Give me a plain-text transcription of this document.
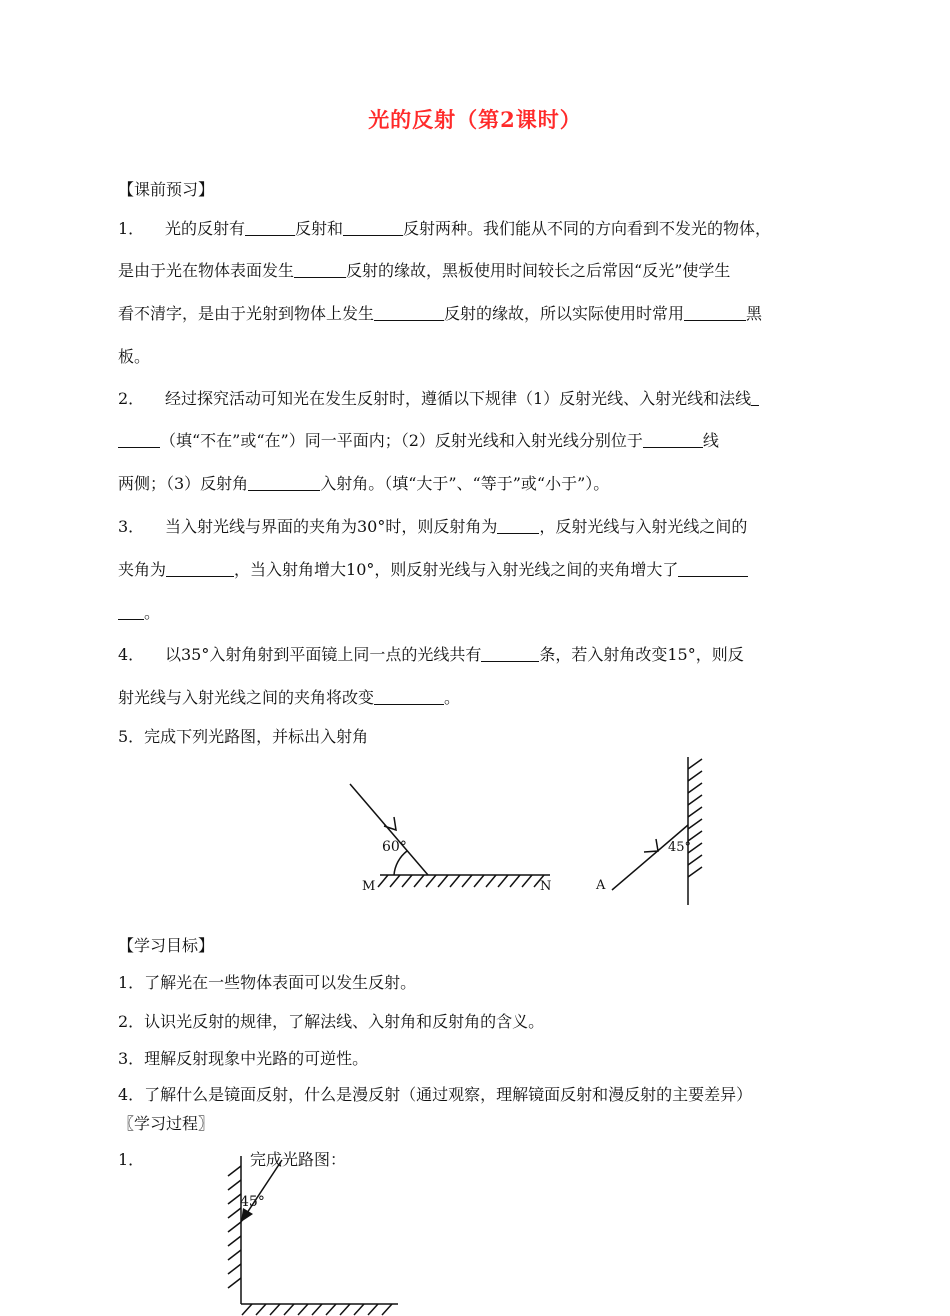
光的反射（第2课时）
【课前预习】
1． 光的反射有	反射和	反射两种。我们能从不同的方向看到不发光的物体，
是由于光在物体表面发生	反射的缘故，黑板使用时间较长之后常因“反光”使学生
看不清字，是由于光射到物体上发生	反射的缘故，所以实际使用时常用	黑
板。
2． 经过探究活动可知光在发生反射时，遵循以下规律（1）反射光线、入射光线和法线
（填“不在”或“在”）同一平面内；（2）反射光线和入射光线分别位于	线
两侧；（3）反射角	入射角。（填“大于”、“等于”或“小于”）。
3． 当入射光线与界面的夹角为30°时，则反射角为	，反射光线与入射光线之间的
夹角为	，当入射角增大10°，则反射光线与入射光线之间的夹角增大了
。
4． 以35°入射角射到平面镜上同一点的光线共有	条，若入射角改变15°，则反
射光线与入射光线之间的夹角将改变	。
5．完成下列光路图，并标出入射角
60°
M	N
45°
A
【学习目标】
1．了解光在一些物体表面可以发生反射。
2．认识光反射的规律，了解法线、入射角和反射角的含义。
3．理解反射现象中光路的可逆性。
4．了解什么是镜面反射，什么是漫反射（通过观察，理解镜面反射和漫反射的主要差异）
〖学习过程〗
1．	完成光路图：
45°
